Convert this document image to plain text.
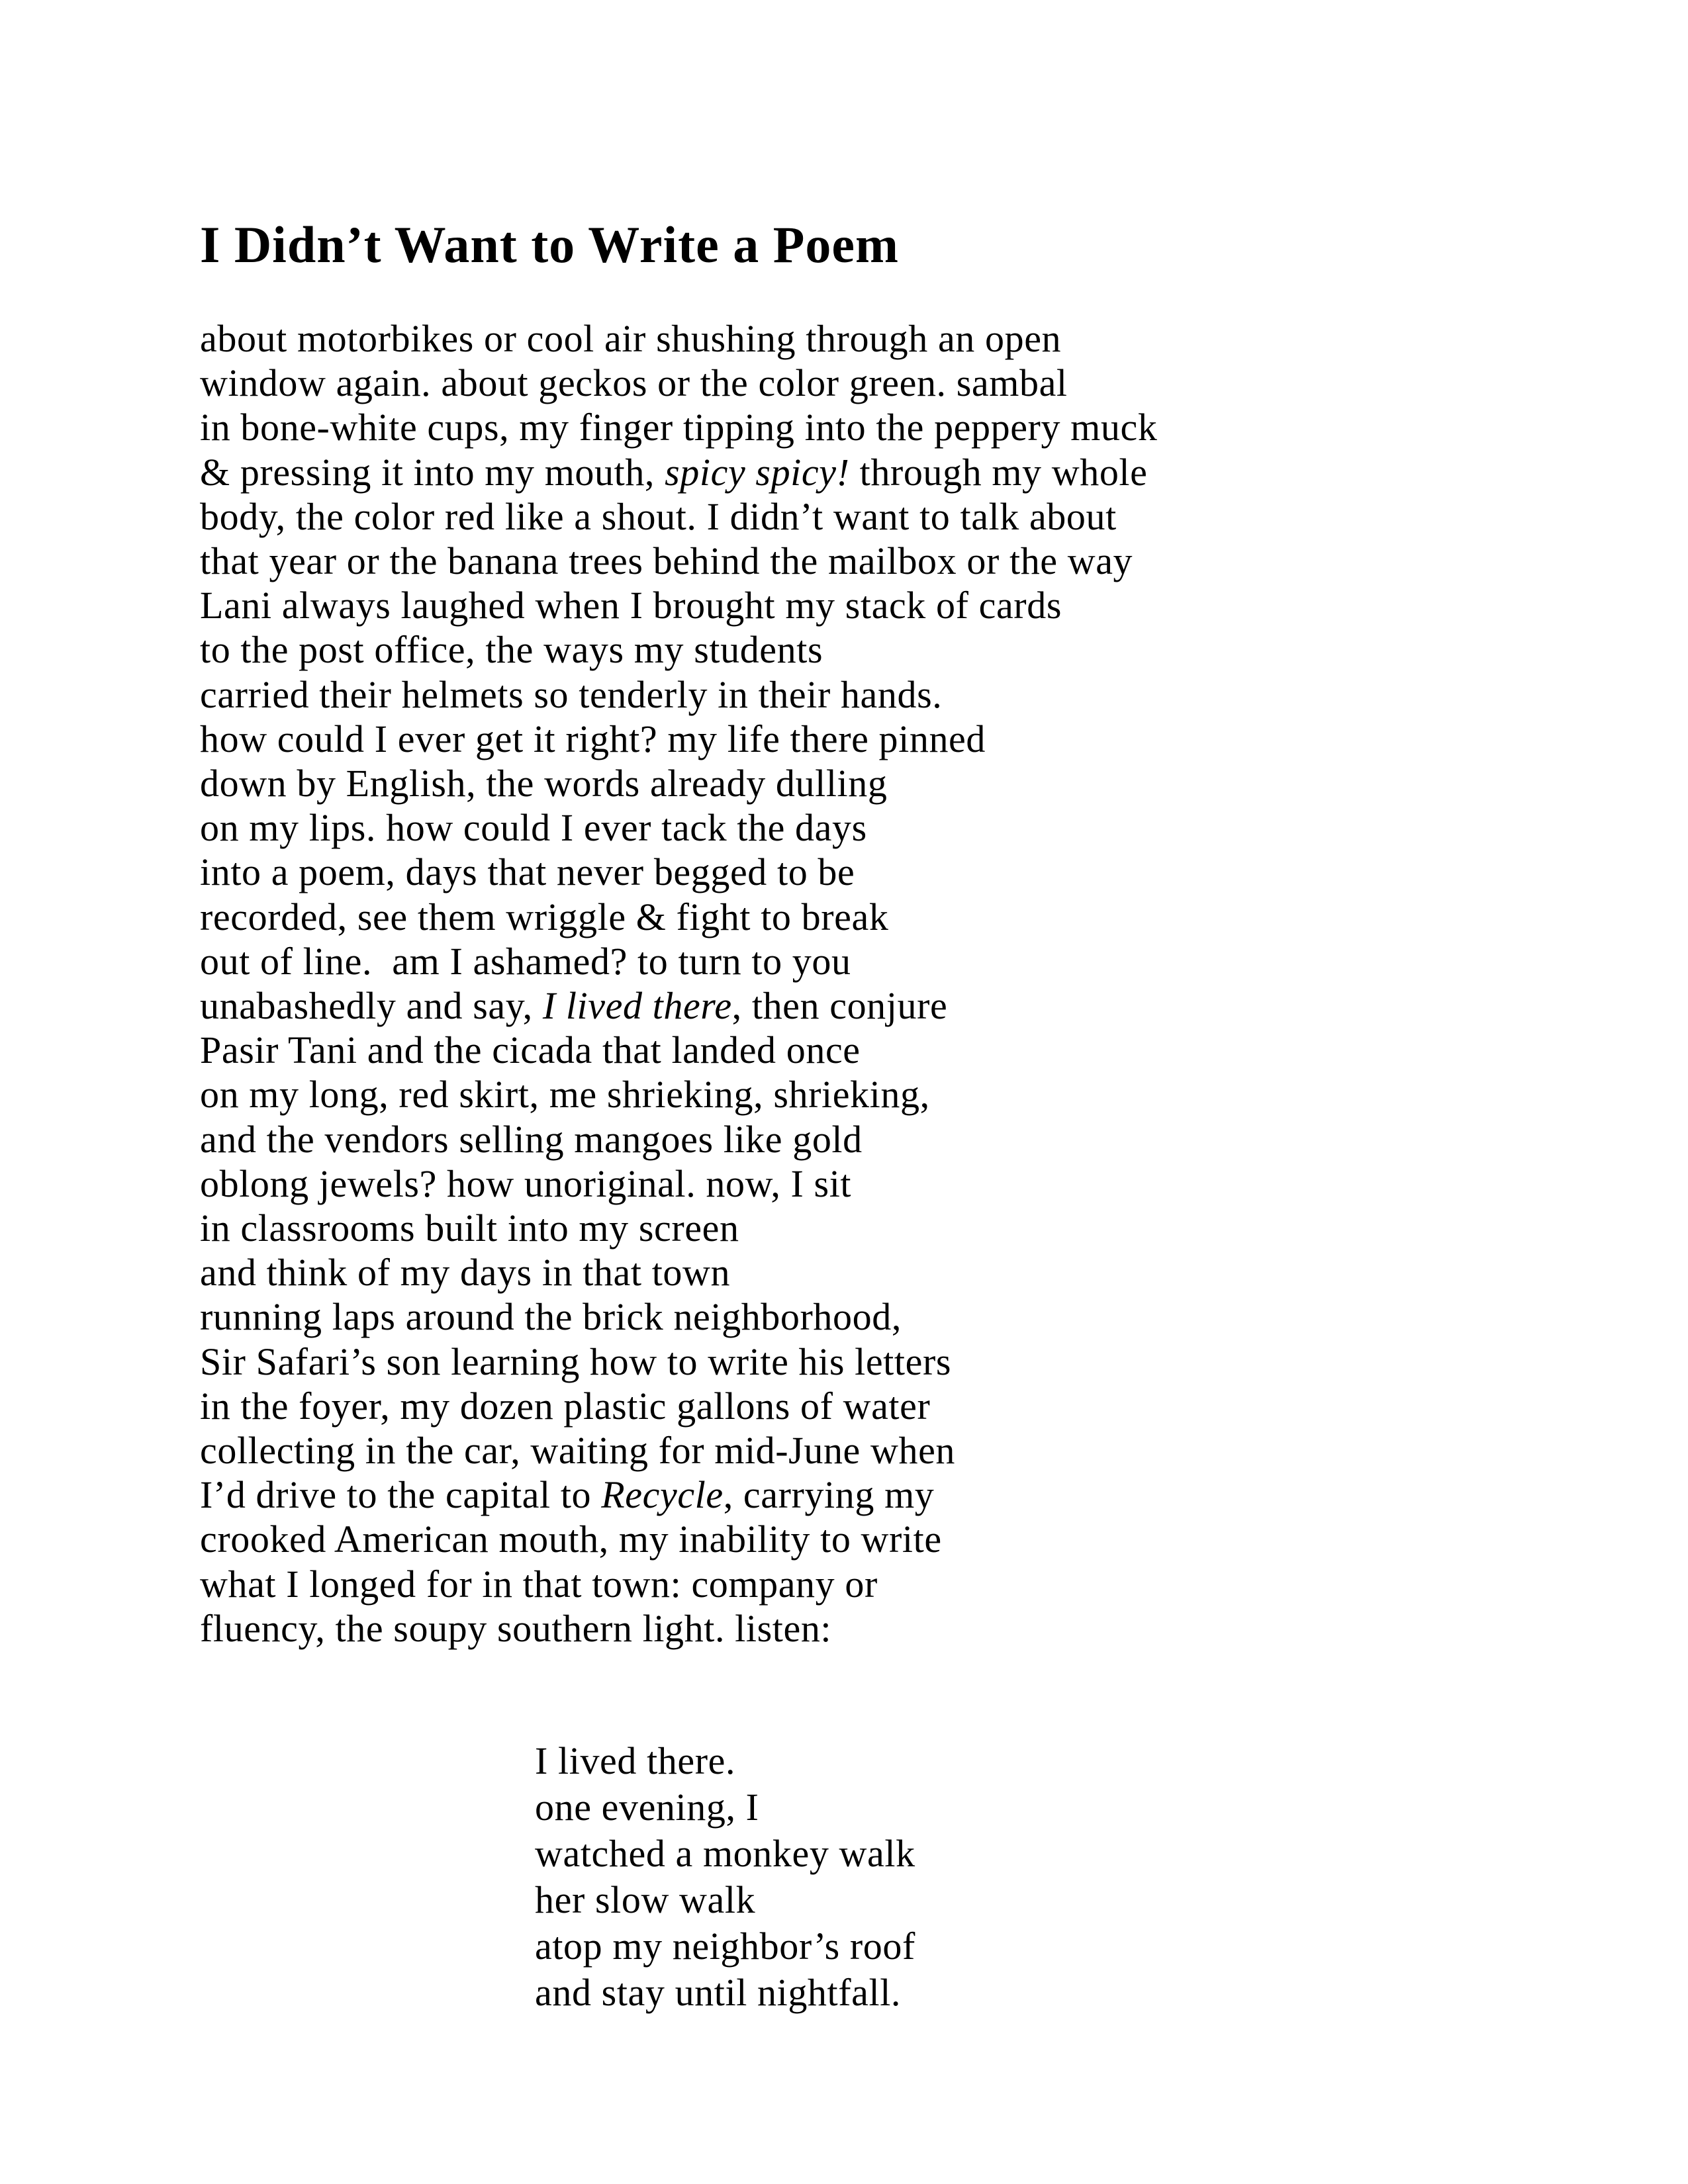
I Didn’t Want to Write a Poem
about motorbikes or cool air shushing through an open
window again. about geckos or the color green. sambal
in bone-white cups, my finger tipping into the peppery muck
& pressing it into my mouth, spicy spicy! through my whole
body, the color red like a shout. I didn’t want to talk about
that year or the banana trees behind the mailbox or the way
Lani always laughed when I brought my stack of cards
to the post office, the ways my students
carried their helmets so tenderly in their hands.
how could I ever get it right? my life there pinned
down by English, the words already dulling
on my lips. how could I ever tack the days
into a poem, days that never begged to be
recorded, see them wriggle & fight to break
out of line.  am I ashamed? to turn to you
unabashedly and say, I lived there, then conjure
Pasir Tani and the cicada that landed once
on my long, red skirt, me shrieking, shrieking,
and the vendors selling mangoes like gold
oblong jewels? how unoriginal. now, I sit
in classrooms built into my screen
and think of my days in that town
running laps around the brick neighborhood,
Sir Safari’s son learning how to write his letters
in the foyer, my dozen plastic gallons of water
collecting in the car, waiting for mid-June when
I’d drive to the capital to Recycle, carrying my
crooked American mouth, my inability to write
what I longed for in that town: company or
fluency, the soupy southern light. listen:
I lived there.
one evening, I
watched a monkey walk
her slow walk
atop my neighbor’s roof
and stay until nightfall.
